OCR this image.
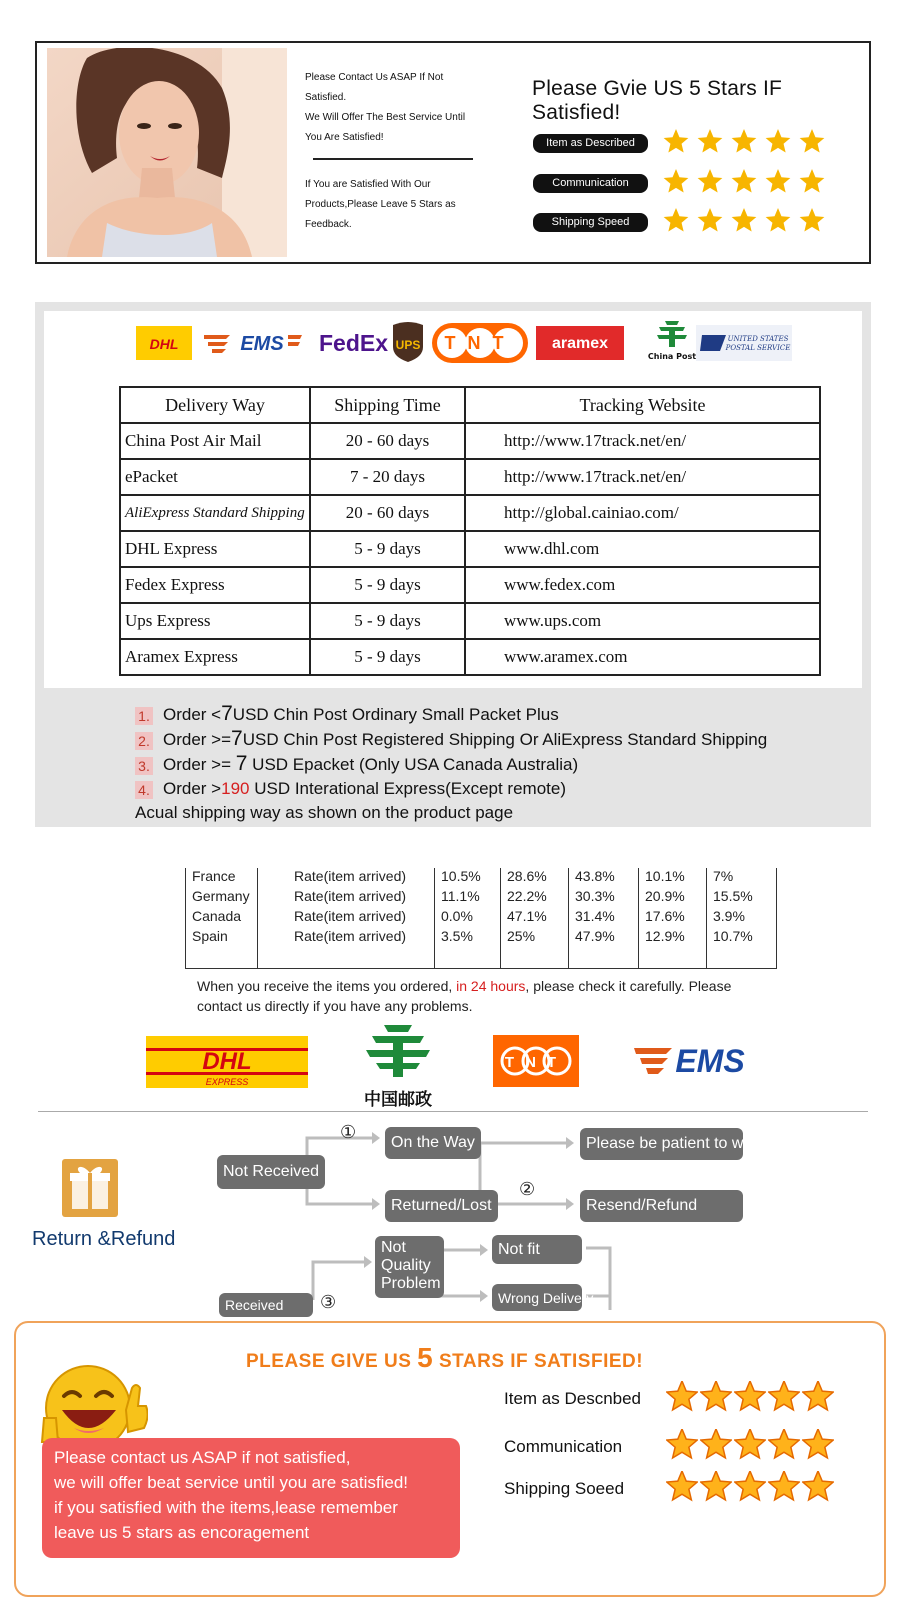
Please Contact Us ASAP If Not Satisfied.
We Will Offer The Best Service Until You Are Satisfied!
If You are Satisfied With Our Products,Please Leave 5 Stars as Feedback.
Please Gvie US 5 Stars IF Satisfied!
Item as Described
Communication
Shipping Speed
DHL	EMS FedEx UPS TNT aramex
China Post
UNITED STATES
POSTAL SERVICE
Delivery Way	Shipping Time	Tracking Website
China Post Air Mail	20 - 60 days	http://www.17track.net/en/
ePacket	7 - 20 days	http://www.17track.net/en/
AliExpress Standard Shipping	20 - 60 days	http://global.cainiao.com/
DHL Express	5 - 9 days	www.dhl.com
Fedex Express	5 - 9 days	www.fedex.com
Ups Express	5 - 9 days	www.ups.com
Aramex Express	5 - 9 days	www.aramex.com
1. Order <7USD Chin Post Ordinary Small Packet Plus
2. Order >=7USD Chin Post Registered Shipping Or AliExpress Standard Shipping
3. Order >= 7 USD Epacket (Only USA Canada Australia)
4. Order >190 USD Interational Express(Except remote)
Acual shipping way as shown on the product page
France	Rate(item arrived)	10.5%	28.6%	43.8%	10.1%	7%
Germany	Rate(item arrived)	11.1%	22.2%	30.3%	20.9%	15.5%
Canada	Rate(item arrived)	0.0%	47.1%	31.4%	17.6%	3.9%
Spain	Rate(item arrived)	3.5%	25%	47.9%	12.9%	10.7%
When you receive the items you ordered, in 24 hours, please check it carefully. Please contact us directly if you have any problems.
DHL
EXPRESS
中国邮政
TNT	EMS
Return &Refund
Not Received
①
On the Way	Please be patient to wait
Returned/Lost
②
Resend/Refund
Not Quality Problem
Not fit
Wrong Delivery
Received	③
PLEASE GIVE US 5 STARS IF SATISFIED!
Please contact us ASAP if not satisfied,
we will offer beat service until you are satisfied!
if you satisfied with the items,lease remember
leave us 5 stars as encoragement
Item as Descnbed
Communication
Shipping Soeed
